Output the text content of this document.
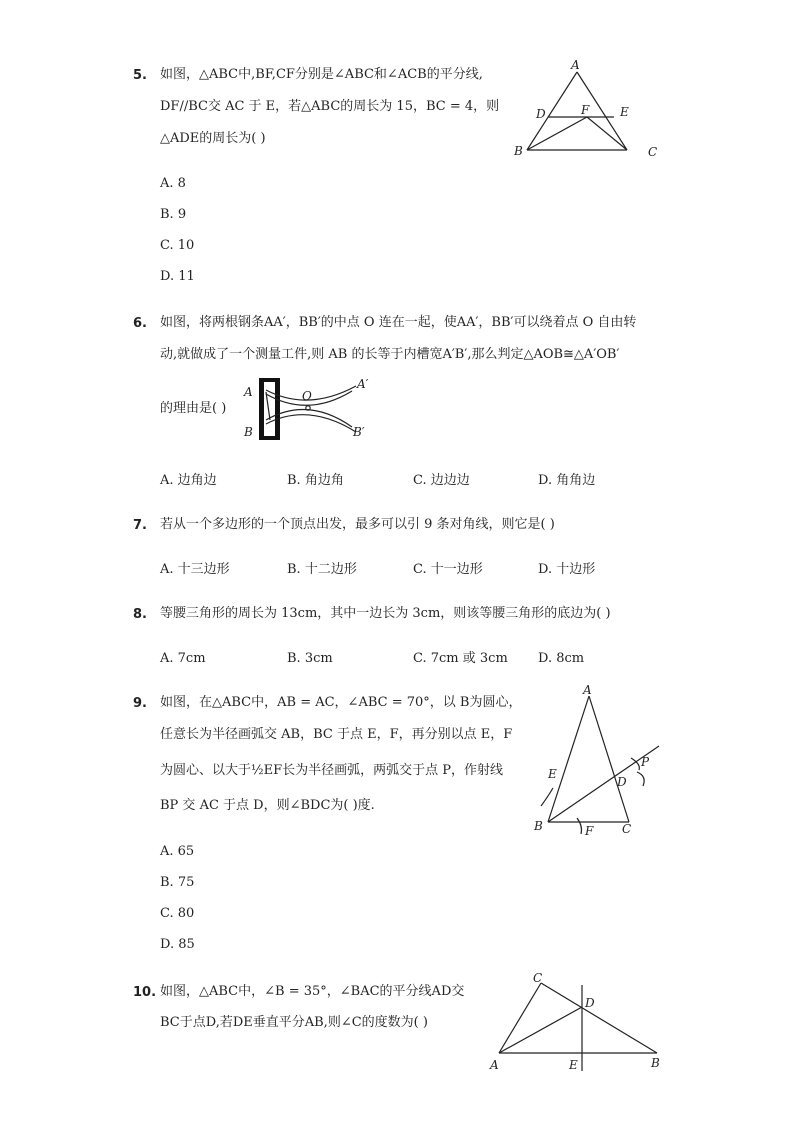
5. 如图，△ABC中,BF,CF分别是∠ABC和∠ACB的平分线,
DF//BC交 AC 于 E，若△ABC的周长为 15，BC = 4，则
△ADE的周长为( )
A. 8
B. 9
C. 10
D. 11
A
D	F	E
B	C
6. 如图，将两根钢条AA′，BB′的中点 O 连在一起，使AA′，BB′可以绕着点 O 自由转
动,就做成了一个测量工件,则 AB 的长等于内槽宽A′B′,那么判定△AOB≅△A′OB′
的理由是( )
A. 边角边	B. 角边角	C. 边边边	D. 角角边
A
B
O
A′
B′
7. 若从一个多边形的一个顶点出发，最多可以引 9 条对角线，则它是( )
A. 十三边形	B. 十二边形	C. 十一边形	D. 十边形
8. 等腰三角形的周长为 13cm，其中一边长为 3cm，则该等腰三角形的底边为( )
A. 7cm	B. 3cm	C. 7cm 或 3cm D. 8cm
9. 如图，在△ABC中，AB = AC，∠ABC = 70°，以 B为圆心，
任意长为半径画弧交 AB，BC 于点 E，F，再分别以点 E，F
为圆心、以大于½EF长为半径画弧，两弧交于点 P，作射线
BP 交 AC 于点 D，则∠BDC为( )度.
A. 65
B. 75
C. 80
D. 85
A
E
D
P
B	F C
10. 如图，△ABC中，∠B = 35°，∠BAC的平分线AD交
BC于点D,若DE垂直平分AB,则∠C的度数为( )
C
D
A	E	B
